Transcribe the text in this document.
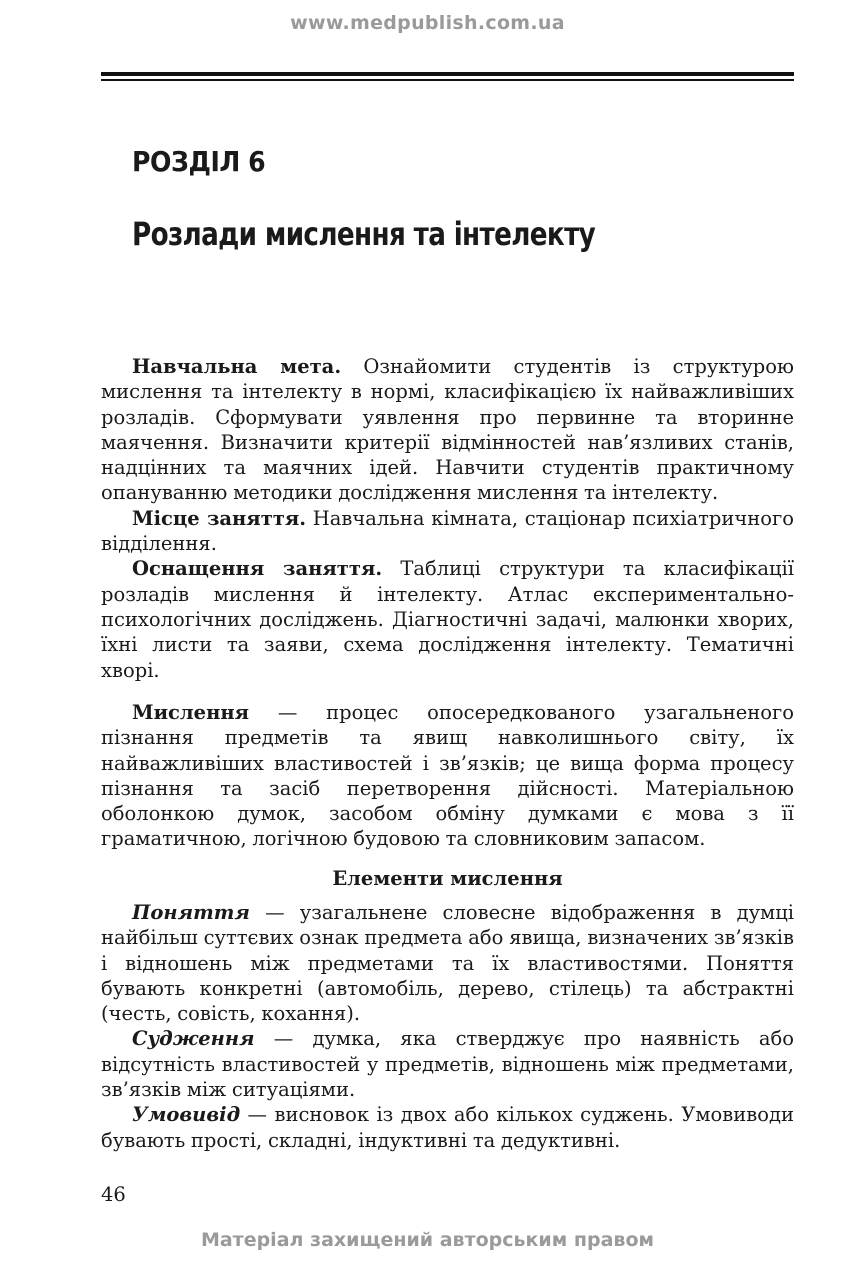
www.medpublish.com.ua
РОЗДІЛ 6
Розлади мислення та інтелекту

Навчальна мета. Ознайомити студентів із структурою мислення та інтелекту в нормі, класифікацією їх найважливіших розладів. Сформувати уявлення про первинне та вторинне маячення. Визначити критерії відмінностей нав’язливих станів, надцінних та маячних ідей. Навчити студентів практичному опануванню методики дослідження мислення та інтелекту.

Місце заняття. Навчальна кімната, стаціонар психіатричного відділення.

Оснащення заняття. Таблиці структури та класифікації розладів мислення й інтелекту. Атлас експериментально-психологічних досліджень. Діагностичні задачі, малюнки хворих, їхні листи та заяви, схема дослідження інтелекту. Тематичні хворі.

Мислення — процес опосередкованого узагальненого пізнання предметів та явищ навколишнього світу, їх найважливіших властивостей і зв’язків; це вища форма процесу пізнання та засіб перетворення дійсності. Матеріальною оболонкою думок, засобом обміну думками є мова з її граматичною, логічною будовою та словниковим запасом.

Елементи мислення

Поняття — узагальнене словесне відображення в думці найбільш суттєвих ознак предмета або явища, визначених зв’язків і відношень між предметами та їх властивостями. Поняття бувають конкретні (автомобіль, дерево, стілець) та абстрактні (честь, совість, кохання).

Судження — думка, яка стверджує про наявність або відсутність властивостей у предметів, відношень між предметами, зв’язків між ситуаціями.

Умовивід — висновок із двох або кількох суджень. Умовиводи бувають прості, складні, індуктивні та дедуктивні.

46
Матеріал захищений авторським правом
